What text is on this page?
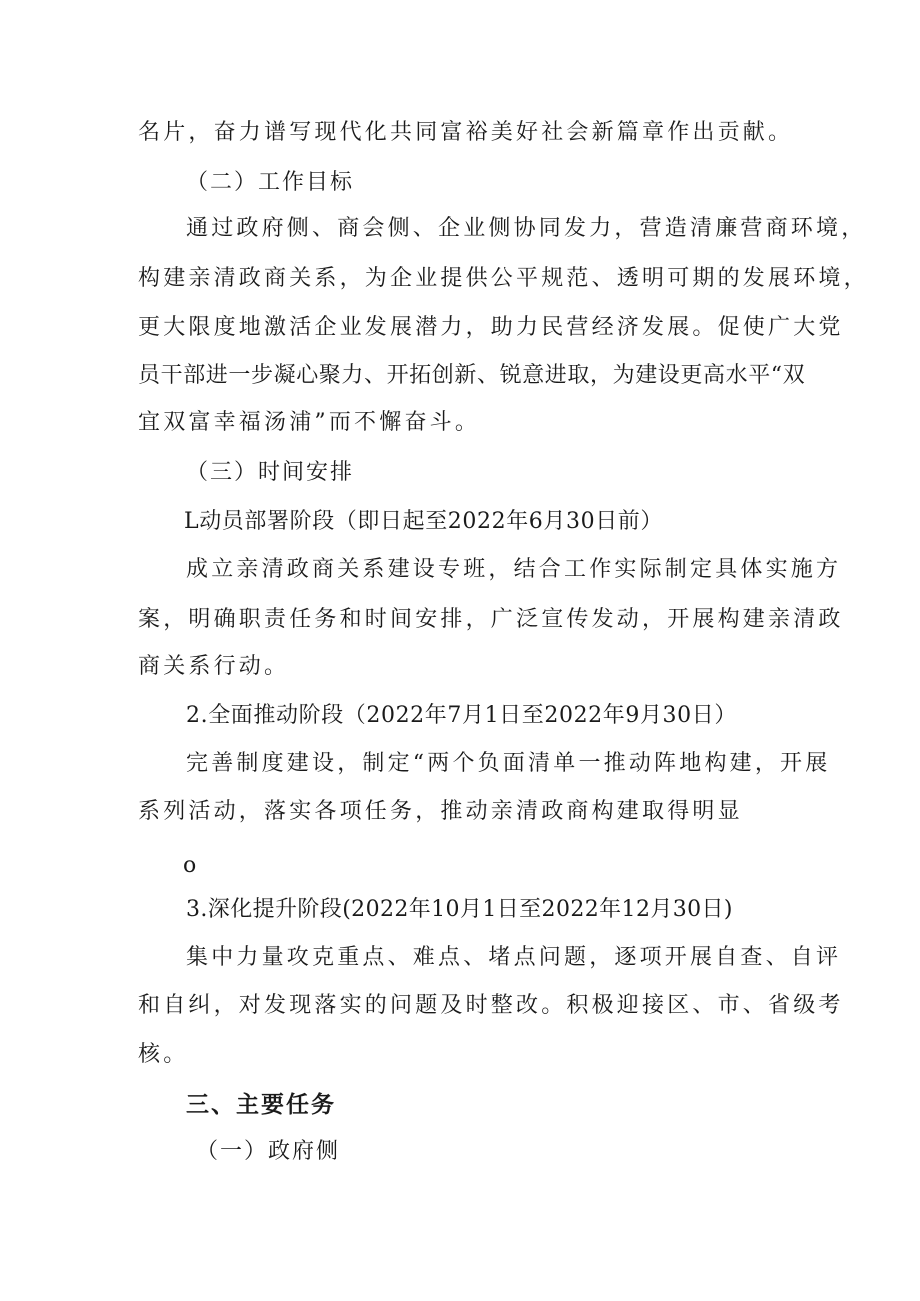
名片，奋力谱写现代化共同富裕美好社会新篇章作出贡献。
（二）工作目标
通过政府侧、商会侧、企业侧协同发力，营造清廉营商环境，
构建亲清政商关系，为企业提供公平规范、透明可期的发展环境，
更大限度地激活企业发展潜力，助力民营经济发展。促使广大党
员干部进一步凝心聚力、开拓创新、锐意进取，为建设更高水平“双
宜双富幸福汤浦”而不懈奋斗。
（三）时间安排
L动员部署阶段（即日起至2022年6月30日前）
成立亲清政商关系建设专班，结合工作实际制定具体实施方
案，明确职责任务和时间安排，广泛宣传发动，开展构建亲清政
商关系行动。
2.全面推动阶段（2022年7月1日至2022年9月30日）
完善制度建设，制定“两个负面清单一推动阵地构建，开展
系列活动，落实各项任务，推动亲清政商构建取得明显
o
3.深化提升阶段(2022年10月1日至2022年12月30日)
集中力量攻克重点、难点、堵点问题，逐项开展自查、自评
和自纠，对发现落实的问题及时整改。积极迎接区、市、省级考
核。
三、主要任务
（一）政府侧
